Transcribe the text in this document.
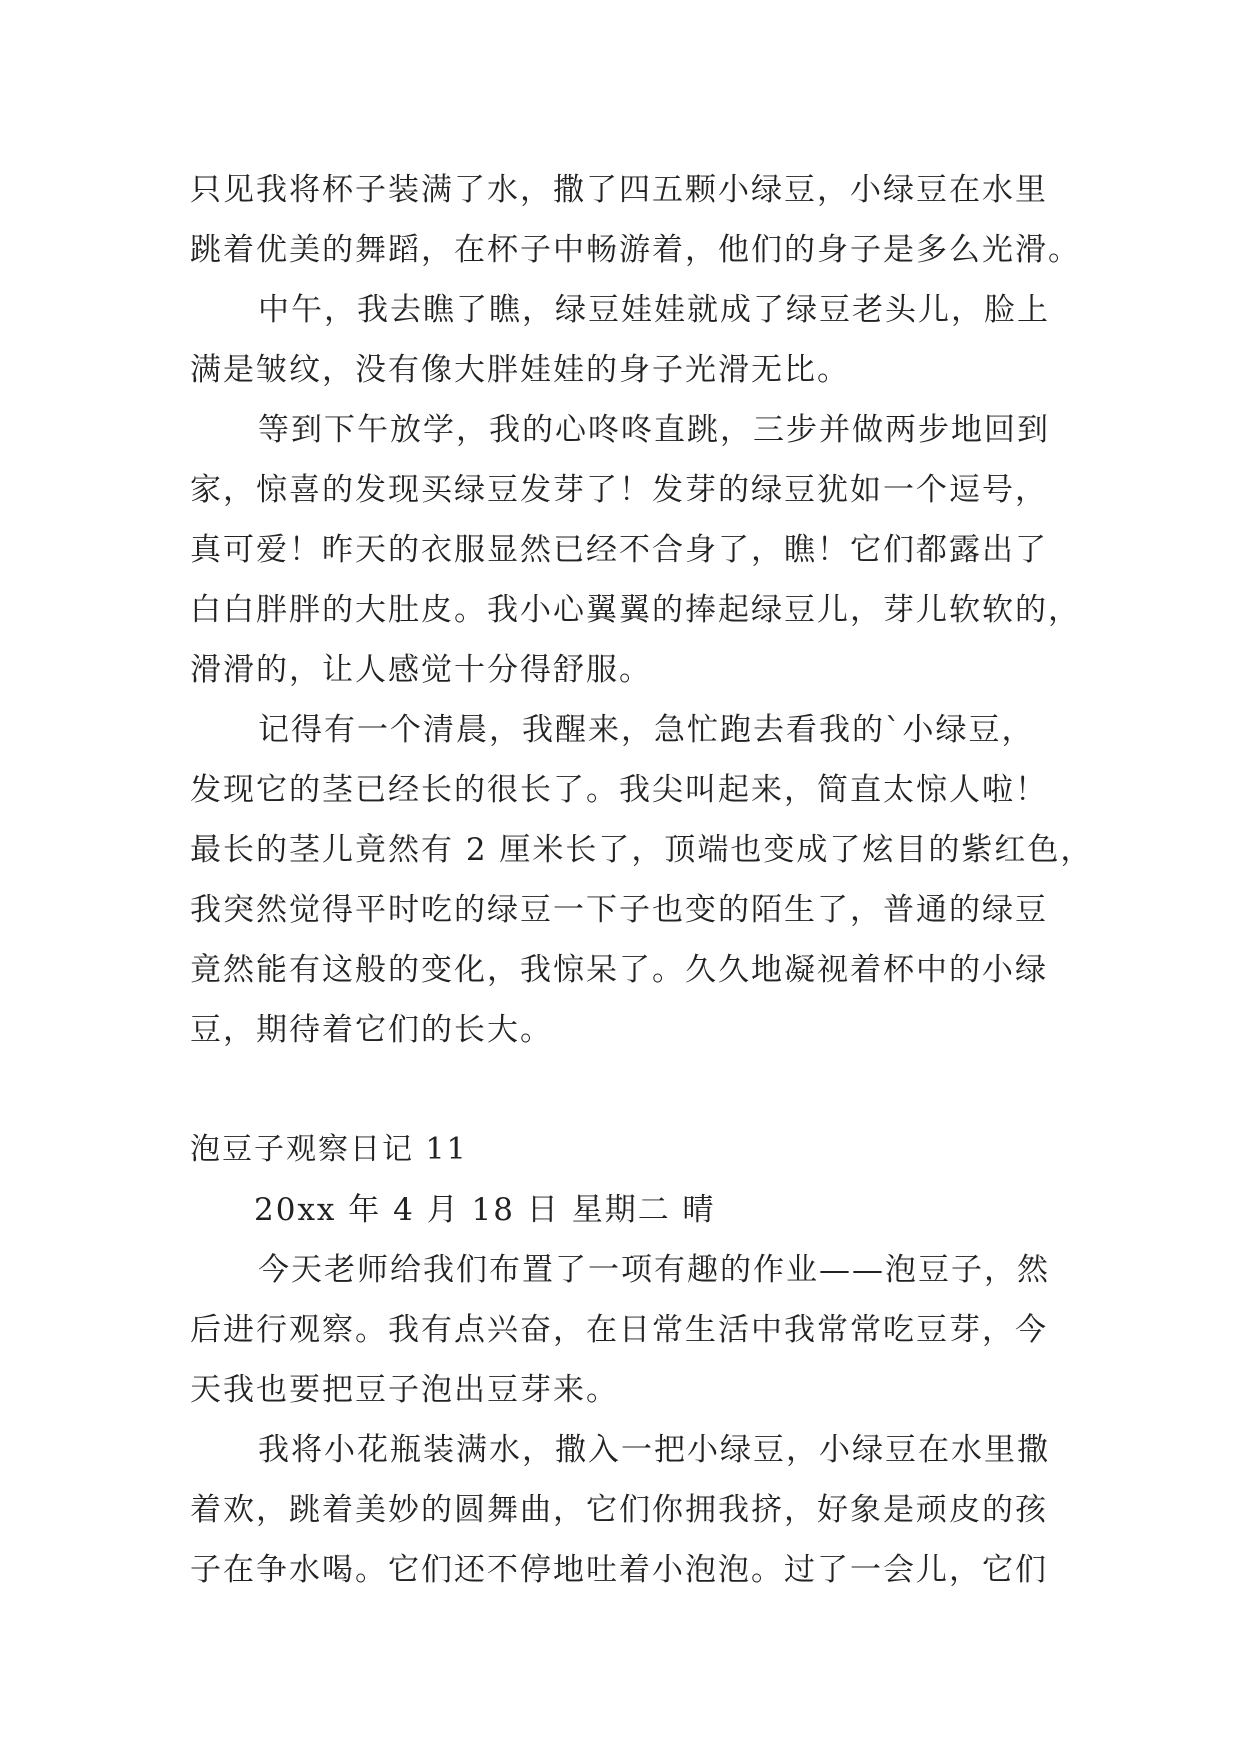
只见我将杯子装满了水，撒了四五颗小绿豆，小绿豆在水里
跳着优美的舞蹈，在杯子中畅游着，他们的身子是多么光滑。
中午，我去瞧了瞧，绿豆娃娃就成了绿豆老头儿，脸上
满是皱纹，没有像大胖娃娃的身子光滑无比。
等到下午放学，我的心咚咚直跳，三步并做两步地回到
家，惊喜的发现买绿豆发芽了！发芽的绿豆犹如一个逗号，
真可爱！昨天的衣服显然已经不合身了，瞧！它们都露出了
白白胖胖的大肚皮。我小心翼翼的捧起绿豆儿，芽儿软软的，
滑滑的，让人感觉十分得舒服。
记得有一个清晨，我醒来，急忙跑去看我的`小绿豆，
发现它的茎已经长的很长了。我尖叫起来，简直太惊人啦！
最长的茎儿竟然有 2 厘米长了，顶端也变成了炫目的紫红色，
我突然觉得平时吃的绿豆一下子也变的陌生了，普通的绿豆
竟然能有这般的变化，我惊呆了。久久地凝视着杯中的小绿
豆，期待着它们的长大。
泡豆子观察日记 11
20xx 年 4 月 18 日 星期二 晴
今天老师给我们布置了一项有趣的作业——泡豆子，然
后进行观察。我有点兴奋，在日常生活中我常常吃豆芽，今
天我也要把豆子泡出豆芽来。
我将小花瓶装满水，撒入一把小绿豆，小绿豆在水里撒
着欢，跳着美妙的圆舞曲，它们你拥我挤，好象是顽皮的孩
子在争水喝。它们还不停地吐着小泡泡。过了一会儿，它们
